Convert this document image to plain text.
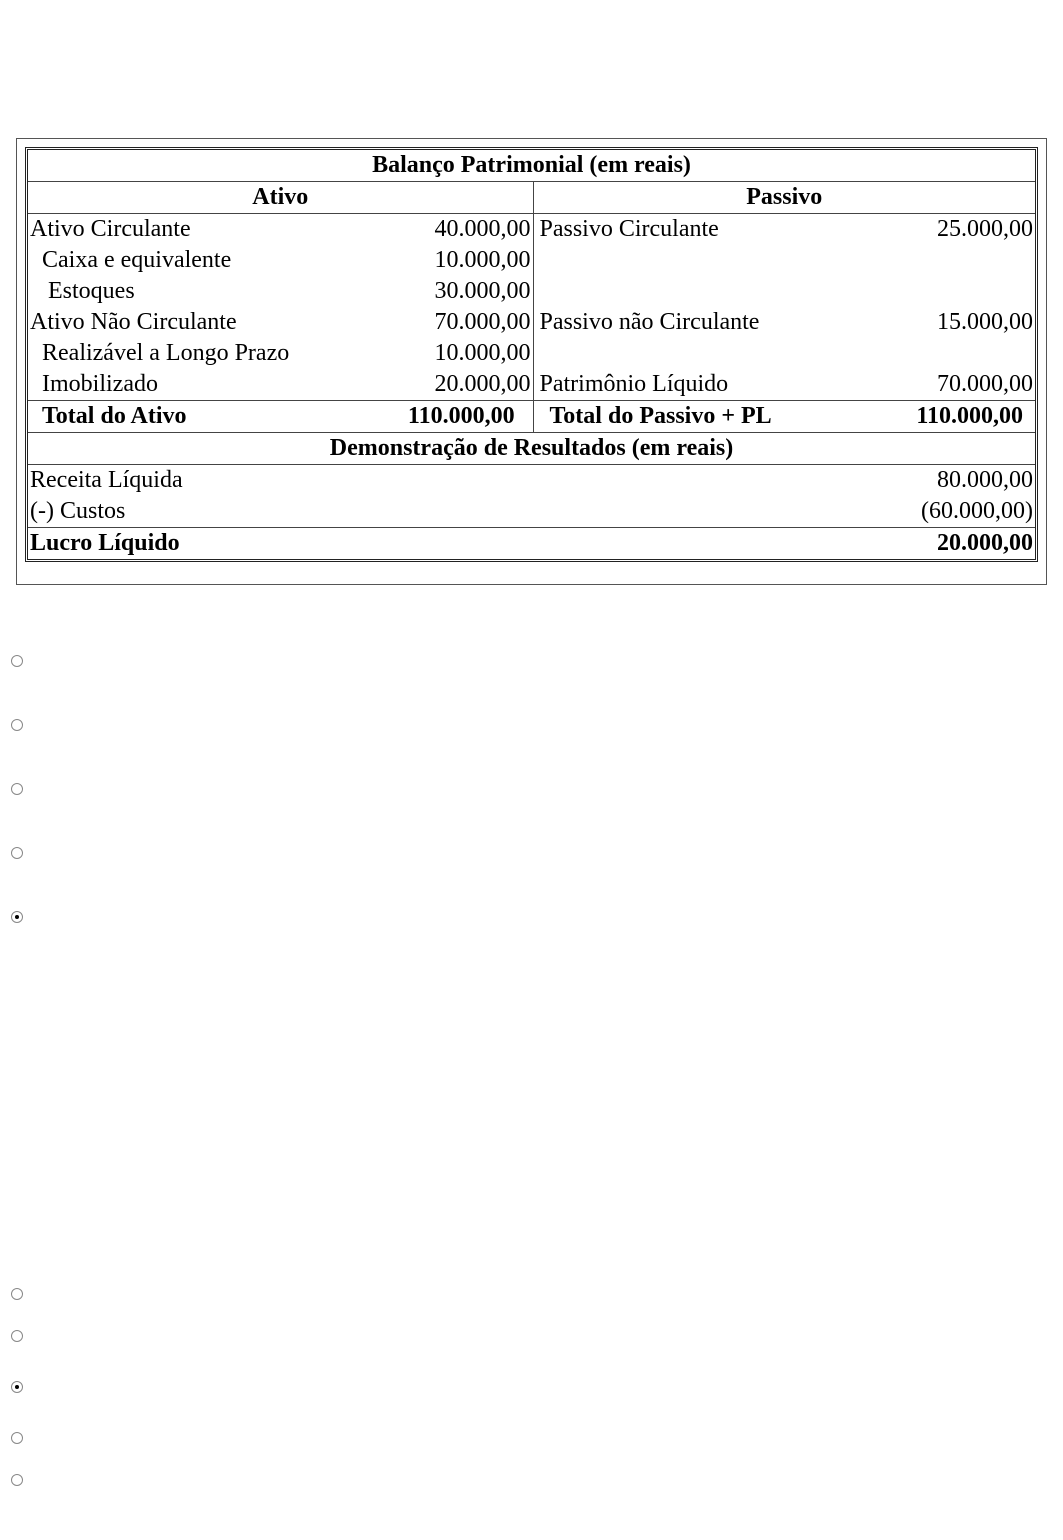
Balanço Patrimonial (em reais)			
Ativo		Passivo	
Ativo Circulante	40.000,00	Passivo Circulante	25.000,00
Caixa e equivalente	10.000,00		
Estoques	30.000,00		
Ativo Não Circulante	70.000,00	Passivo não Circulante	15.000,00
Realizável a Longo Prazo	10.000,00		
Imobilizado	20.000,00	Patrimônio Líquido	70.000,00
Total do Ativo	110.000,00	Total do Passivo + PL	110.000,00
Demonstração de Resultados (em reais)			
Receita Líquida			80.000,00
(-) Custos			(60.000,00)
Lucro Líquido			20.000,00
